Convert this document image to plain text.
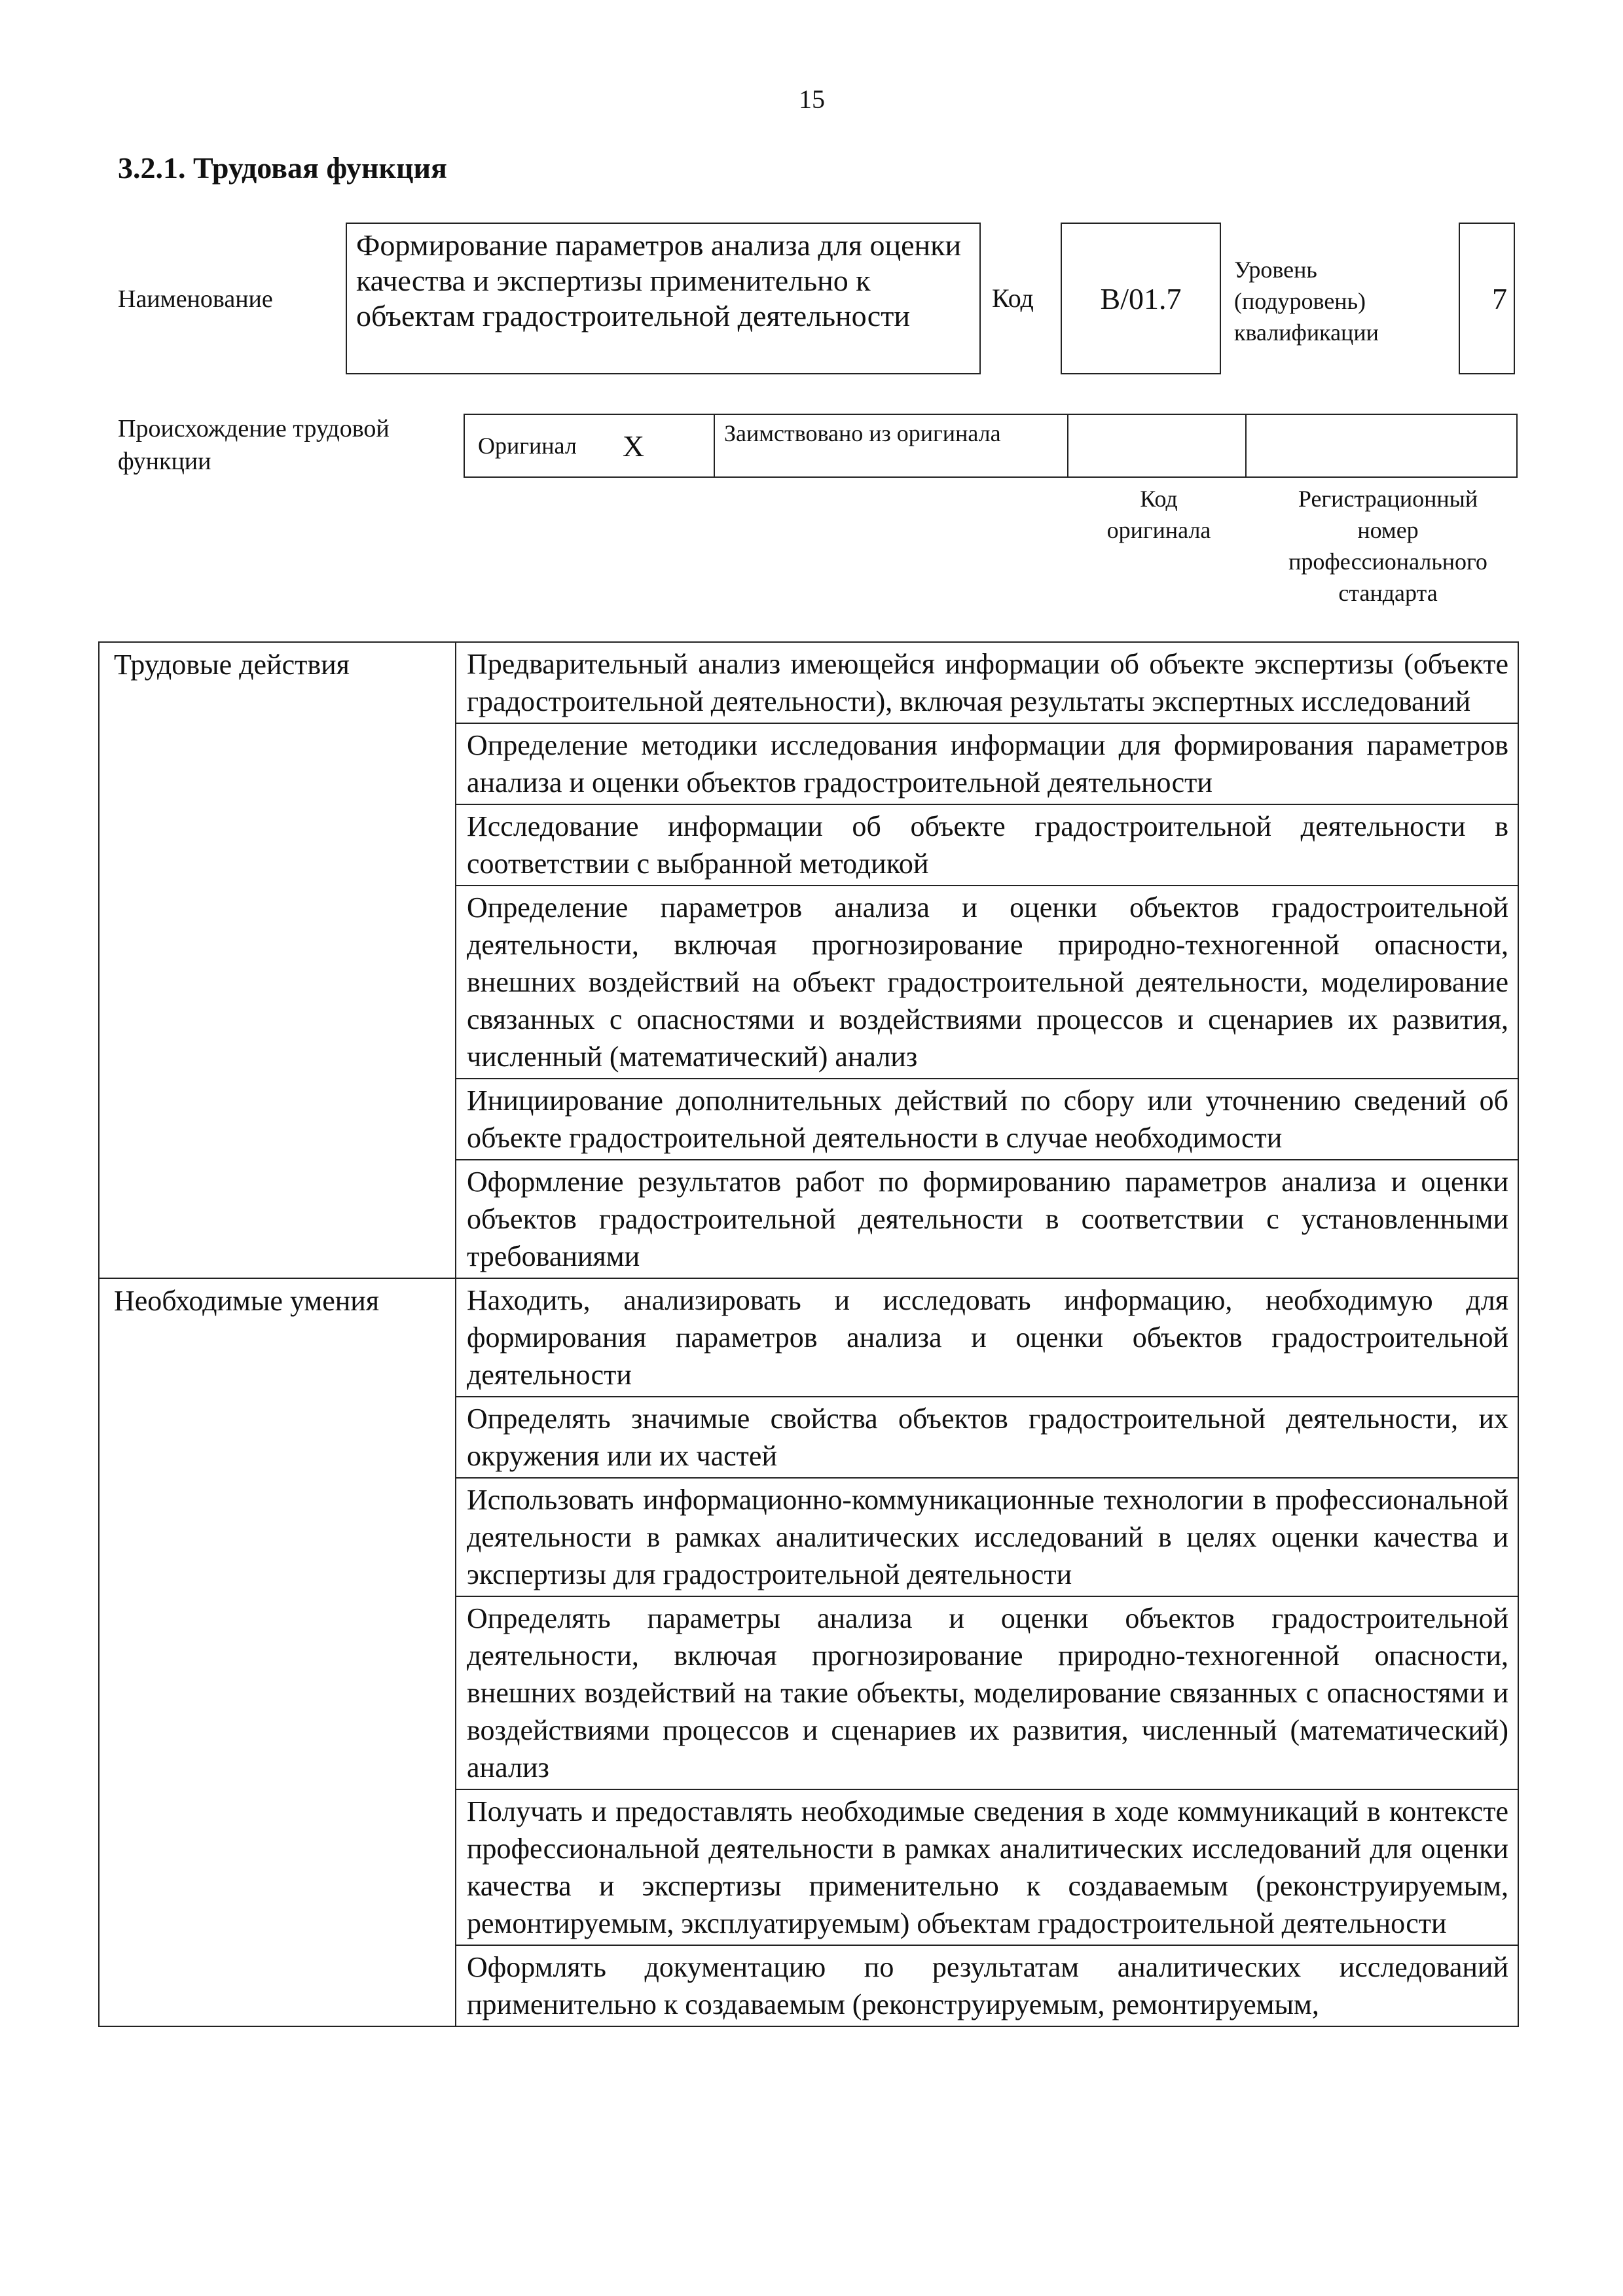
15
3.2.1. Трудовая функция
Наименование
Формирование параметров анализа для оценки качества и экспертизы применительно к объектам градостроительной деятельности
Код B/01.7
Уровень
(подуровень)
квалификации
7
Происхождение трудовой функции
Оригинал X	Заимствовано из оригинала
Код
оригинала
Регистрационный
номер
профессионального
стандарта
Трудовые действия	Предварительный анализ имеющейся информации об объекте экспертизы (объекте градостроительной деятельности), включая результаты экспертных исследований
Определение методики исследования информации для формирования параметров анализа и оценки объектов градостроительной деятельности
Исследование информации об объекте градостроительной деятельности в соответствии с выбранной методикой
Определение параметров анализа и оценки объектов градостроительной деятельности, включая прогнозирование природно-техногенной опасности, внешних воздействий на объект градостроительной деятельности, моделирование связанных с опасностями и воздействиями процессов и сценариев их развития, численный (математический) анализ
Инициирование дополнительных действий по сбору или уточнению сведений об объекте градостроительной деятельности в случае необходимости
Оформление результатов работ по формированию параметров анализа и оценки объектов градостроительной деятельности в соответствии с установленными требованиями
Необходимые умения	Находить, анализировать и исследовать информацию, необходимую для формирования параметров анализа и оценки объектов градостроительной деятельности
Определять значимые свойства объектов градостроительной деятельности, их окружения или их частей
Использовать информационно-коммуникационные технологии в профессиональной деятельности в рамках аналитических исследований в целях оценки качества и экспертизы для градостроительной деятельности
Определять параметры анализа и оценки объектов градостроительной деятельности, включая прогнозирование природно-техногенной опасности, внешних воздействий на такие объекты, моделирование связанных с опасностями и воздействиями процессов и сценариев их развития, численный (математический) анализ
Получать и предоставлять необходимые сведения в ходе коммуникаций в контексте профессиональной деятельности в рамках аналитических исследований для оценки качества и экспертизы применительно к создаваемым (реконструируемым, ремонтируемым, эксплуатируемым) объектам градостроительной деятельности
Оформлять документацию по результатам аналитических исследований применительно к создаваемым (реконструируемым, ремонтируемым,
